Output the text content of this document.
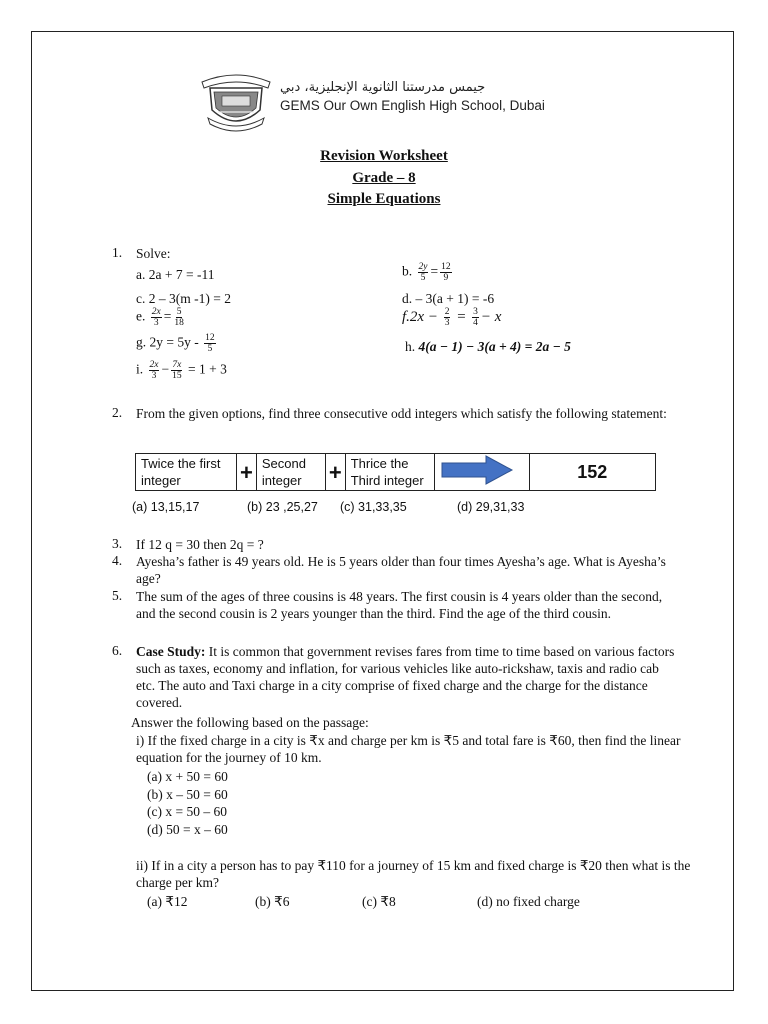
جيمس مدرستنا الثانوية الإنجليزية، دبي
GEMS Our Own English High School, Dubai
Revision Worksheet
Grade – 8
Simple Equations
1. Solve:
a. 2a + 7 = -11	b. $\frac{2y}{5} = \frac{12}{9}$
c. 2 – 3(m -1) = 2	d. – 3(a + 1) = -6
e. $\frac{2x}{3} = \frac{5}{18}$	$f.2x - \frac{2}{3} = \frac{3}{4} - x$
g. $2y = 5y - \frac{12}{5}$	h. 4(a − 1) − 3(a + 4) = 2a − 5
i. $\frac{2x}{3} - \frac{7x}{15} = 1 + 3$
2. From the given options, find three consecutive odd integers which satisfy the following statement:
Twice the first integer	+	Second integer	+	Thrice the Third integer		152
(a) 13,15,17	(b) 23 ,25,27 (c) 31,33,35	(d) 29,31,33
3. If 12 q = 30 then 2q = ?
4. Ayesha’s father is 49 years old. He is 5 years older than four times Ayesha’s age. What is Ayesha’s age?
5. The sum of the ages of three cousins is 48 years. The first cousin is 4 years older than the second, and the second cousin is 2 years younger than the third. Find the age of the third cousin.
6. Case Study: It is common that government revises fares from time to time based on various factors such as taxes, economy and inflation, for various vehicles like auto-rickshaw, taxis and radio cab etc. The auto and Taxi charge in a city comprise of fixed charge and the charge for the distance covered.
Answer the following based on the passage:
i) If the fixed charge in a city is ₹x and charge per km is ₹5 and total fare is ₹60, then find the linear equation for the journey of 10 km.
(a) x + 50 = 60
(b) x – 50 = 60
(c) x = 50 – 60
(d) 50 = x – 60
ii) If in a city a person has to pay ₹110 for a journey of 15 km and fixed charge is ₹20 then what is the charge per km?
(a) ₹12	(b) ₹6	(c) ₹8	(d) no fixed charge
